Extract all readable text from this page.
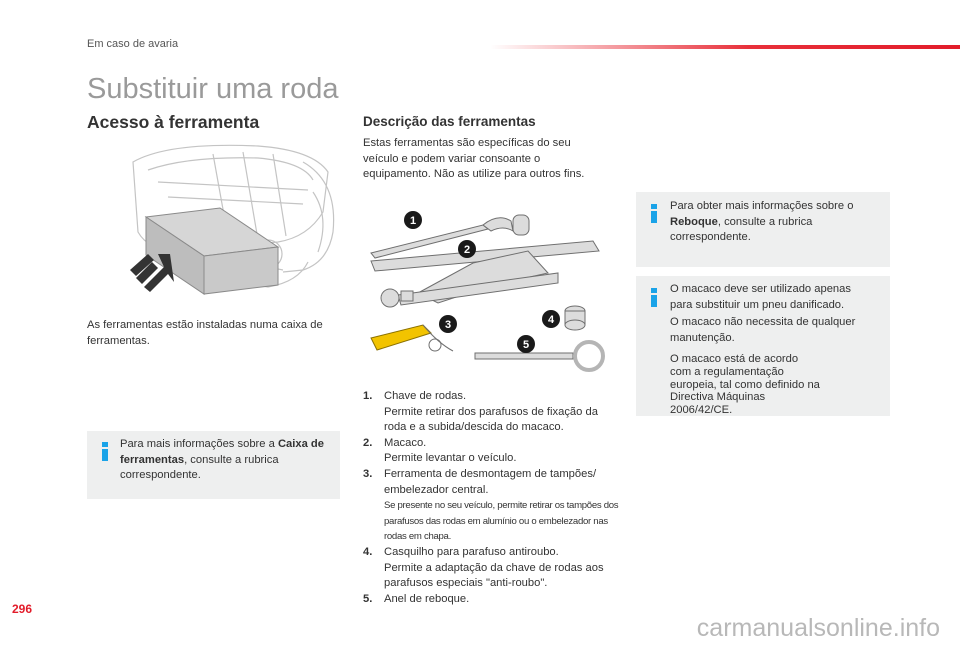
Em caso de avaria
Substituir uma roda
Acesso à ferramenta
As ferramentas estão instaladas numa caixa de ferramentas.
Para mais informações sobre a Caixa de ferramentas, consulte a rubrica correspondente.
Descrição das ferramentas
Estas ferramentas são específicas do seu veículo e podem variar consoante o equipamento. Não as utilize para outros fins.
1
2
3	4
5
1.	Chave de rodas.
Permite retirar dos parafusos de fixação da roda e a subida/descida do macaco.
2.	Macaco.
Permite levantar o veículo.
3.	Ferramenta de desmontagem de tampões/ embelezador central.
Se presente no seu veículo, permite retirar os tampões dos parafusos das rodas em alumínio ou o embelezador nas rodas em chapa.
4.	Casquilho para parafuso antiroubo.
Permite a adaptação da chave de rodas aos parafusos especiais "anti-roubo".
5.	Anel de reboque.
Para obter mais informações sobre o Reboque, consulte a rubrica correspondente.
O macaco deve ser utilizado apenas para substituir um pneu danificado.
O macaco não necessita de qualquer manutenção.
O macaco está de acordo com a regulamentação europeia, tal como definido na Directiva Máquinas 2006/42/CE.
296
carmanualsonline.info
